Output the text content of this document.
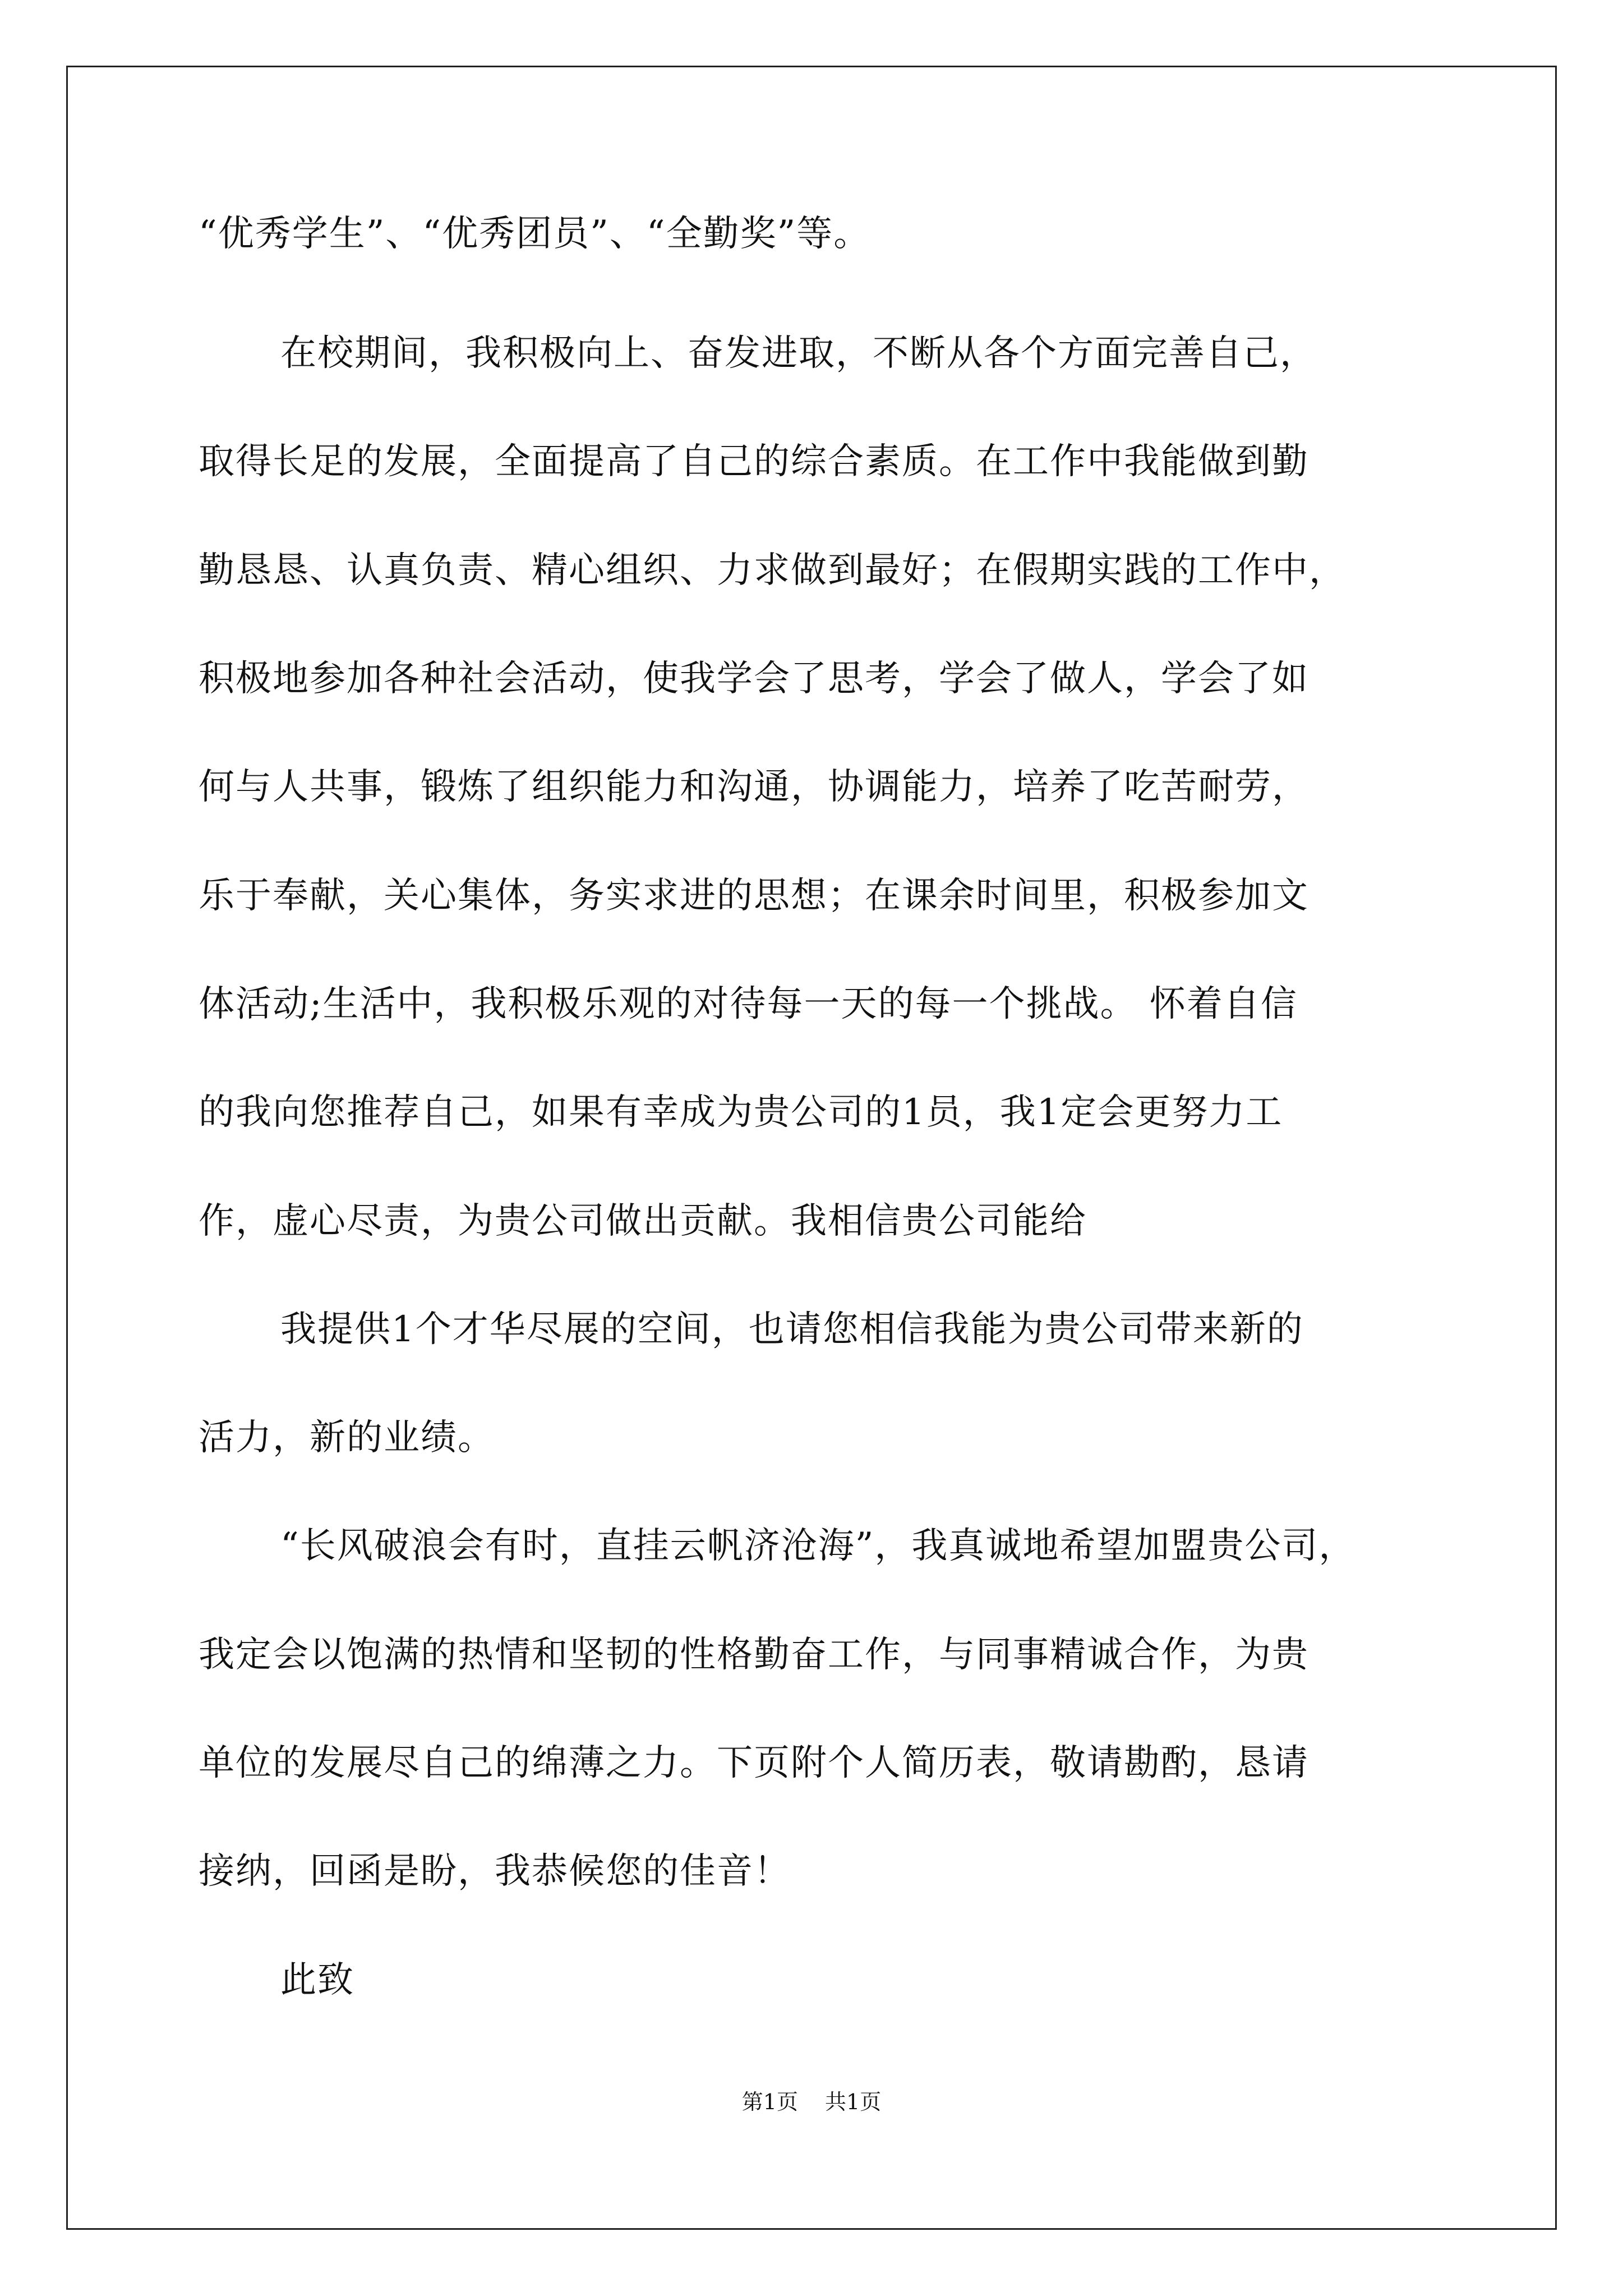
“优秀学生”、“优秀团员”、“全勤奖”等。
在校期间，我积极向上、奋发进取，不断从各个方面完善自己，
取得长足的发展，全面提高了自己的综合素质。在工作中我能做到勤
勤恳恳、认真负责、精心组织、力求做到最好；在假期实践的工作中，
积极地参加各种社会活动，使我学会了思考，学会了做人，学会了如
何与人共事，锻炼了组织能力和沟通，协调能力，培养了吃苦耐劳，
乐于奉献，关心集体，务实求进的思想；在课余时间里，积极参加文
体活动;生活中，我积极乐观的对待每一天的每一个挑战。 怀着自信
的我向您推荐自己，如果有幸成为贵公司的1员，我1定会更努力工
作，虚心尽责，为贵公司做出贡献。我相信贵公司能给
我提供1个才华尽展的空间，也请您相信我能为贵公司带来新的
活力，新的业绩。
“长风破浪会有时，直挂云帆济沧海”，我真诚地希望加盟贵公司，
我定会以饱满的热情和坚韧的性格勤奋工作，与同事精诚合作，为贵
单位的发展尽自己的绵薄之力。下页附个人简历表，敬请勘酌，恳请
接纳，回函是盼，我恭候您的佳音！
此致
第1页 共1页
